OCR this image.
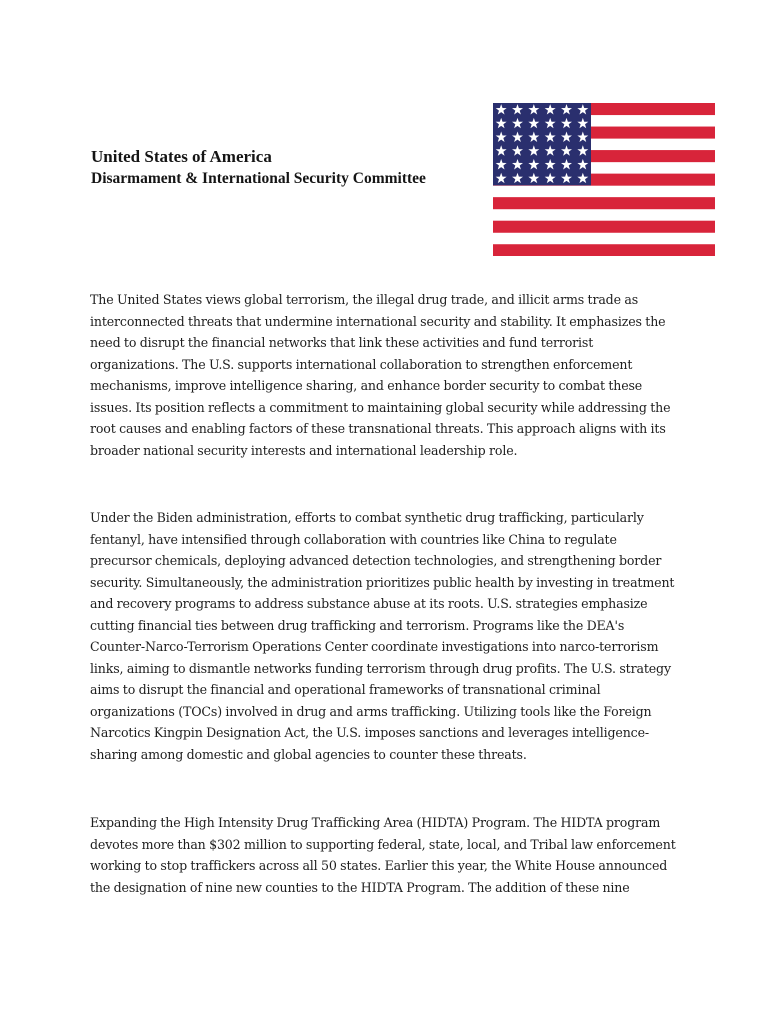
United States of America
Disarmament & International Security Committee

The United States views global terrorism, the illegal drug trade, and illicit arms trade as interconnected threats that undermine international security and stability. It emphasizes the need to disrupt the financial networks that link these activities and fund terrorist organizations. The U.S. supports international collaboration to strengthen enforcement mechanisms, improve intelligence sharing, and enhance border security to combat these issues. Its position reflects a commitment to maintaining global security while addressing the root causes and enabling factors of these transnational threats. This approach aligns with its broader national security interests and international leadership role.

Under the Biden administration, efforts to combat synthetic drug trafficking, particularly fentanyl, have intensified through collaboration with countries like China to regulate precursor chemicals, deploying advanced detection technologies, and strengthening border security. Simultaneously, the administration prioritizes public health by investing in treatment and recovery programs to address substance abuse at its roots. U.S. strategies emphasize cutting financial ties between drug trafficking and terrorism. Programs like the DEA's Counter-Narco-Terrorism Operations Center coordinate investigations into narco-terrorism links, aiming to dismantle networks funding terrorism through drug profits. The U.S. strategy aims to disrupt the financial and operational frameworks of transnational criminal organizations (TOCs) involved in drug and arms trafficking. Utilizing tools like the Foreign Narcotics Kingpin Designation Act, the U.S. imposes sanctions and leverages intelligence-sharing among domestic and global agencies to counter these threats.

Expanding the High Intensity Drug Trafficking Area (HIDTA) Program. The HIDTA program devotes more than $302 million to supporting federal, state, local, and Tribal law enforcement working to stop traffickers across all 50 states. Earlier this year, the White House announced the designation of nine new counties to the HIDTA Program. The addition of these nine
